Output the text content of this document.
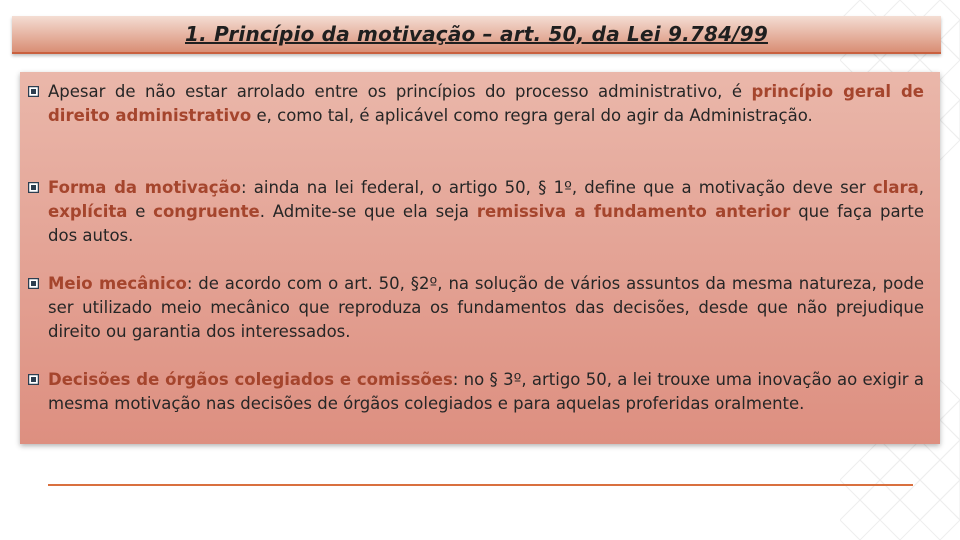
1. Princípio da motivação – art. 50, da Lei 9.784/99
Apesar de não estar arrolado entre os princípios do processo administrativo, é princípio geral de direito administrativo e, como tal, é aplicável como regra geral do agir da Administração.
Forma da motivação: ainda na lei federal, o artigo 50, § 1º, define que a motivação deve ser clara, explícita e congruente. Admite-se que ela seja remissiva a fundamento anterior que faça parte dos autos.
Meio mecânico: de acordo com o art. 50, §2º, na solução de vários assuntos da mesma natureza, pode ser utilizado meio mecânico que reproduza os fundamentos das decisões, desde que não prejudique direito ou garantia dos interessados.
Decisões de órgãos colegiados e comissões: no § 3º, artigo 50, a lei trouxe uma inovação ao exigir a mesma motivação nas decisões de órgãos colegiados e para aquelas proferidas oralmente.
